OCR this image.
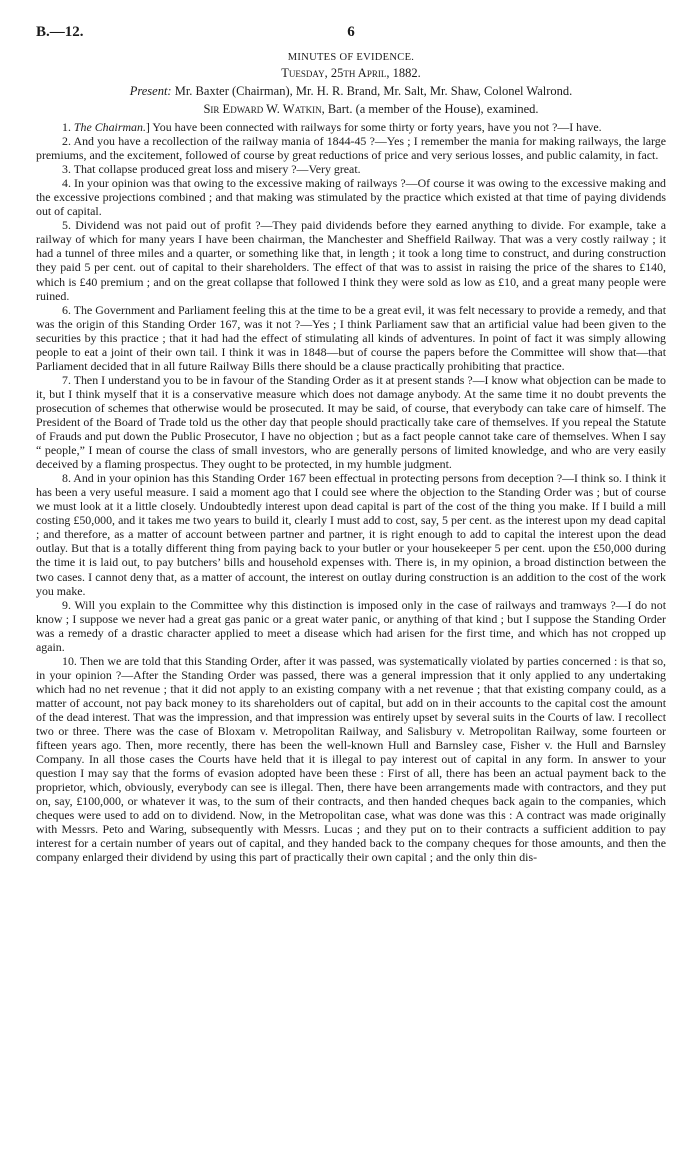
B.—12.	6
MINUTES OF EVIDENCE.
Tuesday, 25th April, 1882.
Present: Mr. Baxter (Chairman), Mr. H. R. Brand, Mr. Salt, Mr. Shaw, Colonel Walrond.
Sir Edward W. Watkin, Bart. (a member of the House), examined.

1. The Chairman.] You have been connected with railways for some thirty or forty years, have you not ?—I have.

2. And you have a recollection of the railway mania of 1844-45 ?—Yes ; I remember the mania for making railways, the large premiums, and the excitement, followed of course by great reductions of price and very serious losses, and public calamity, in fact.

3. That collapse produced great loss and misery ?—Very great.

4. In your opinion was that owing to the excessive making of railways ?—Of course it was owing to the excessive making and the excessive projections combined ; and that making was stimulated by the practice which existed at that time of paying dividends out of capital.

5. Dividend was not paid out of profit ?—They paid dividends before they earned anything to divide. For example, take a railway of which for many years I have been chairman, the Manchester and Sheffield Railway. That was a very costly railway ; it had a tunnel of three miles and a quarter, or something like that, in length ; it took a long time to construct, and during construction they paid 5 per cent. out of capital to their shareholders. The effect of that was to assist in raising the price of the shares to £140, which is £40 premium ; and on the great collapse that followed I think they were sold as low as £10, and a great many people were ruined.

6. The Government and Parliament feeling this at the time to be a great evil, it was felt necessary to provide a remedy, and that was the origin of this Standing Order 167, was it not ?—Yes ; I think Parliament saw that an artificial value had been given to the securities by this practice ; that it had had the effect of stimulating all kinds of adventures. In point of fact it was simply allowing people to eat a joint of their own tail. I think it was in 1848—but of course the papers before the Committee will show that—that Parliament decided that in all future Railway Bills there should be a clause practically prohibiting that practice.

7. Then I understand you to be in favour of the Standing Order as it at present stands ?—I know what objection can be made to it, but I think myself that it is a conservative measure which does not damage anybody. At the same time it no doubt prevents the prosecution of schemes that otherwise would be prosecuted. It may be said, of course, that everybody can take care of himself. The President of the Board of Trade told us the other day that people should practically take care of themselves. If you repeal the Statute of Frauds and put down the Public Prosecutor, I have no objection ; but as a fact people cannot take care of themselves. When I say “ people,” I mean of course the class of small investors, who are generally persons of limited knowledge, and who are very easily deceived by a flaming prospectus. They ought to be protected, in my humble judgment.

8. And in your opinion has this Standing Order 167 been effectual in protecting persons from deception ?—I think so. I think it has been a very useful measure. I said a moment ago that I could see where the objection to the Standing Order was ; but of course we must look at it a little closely. Undoubtedly interest upon dead capital is part of the cost of the thing you make. If I build a mill costing £50,000, and it takes me two years to build it, clearly I must add to cost, say, 5 per cent. as the interest upon my dead capital ; and therefore, as a matter of account between partner and partner, it is right enough to add to capital the interest upon the dead outlay. But that is a totally different thing from paying back to your butler or your housekeeper 5 per cent. upon the £50,000 during the time it is laid out, to pay butchers’ bills and household expenses with. There is, in my opinion, a broad distinction between the two cases. I cannot deny that, as a matter of account, the interest on outlay during construction is an addition to the cost of the work you make.

9. Will you explain to the Committee why this distinction is imposed only in the case of railways and tramways ?—I do not know ; I suppose we never had a great gas panic or a great water panic, or anything of that kind ; but I suppose the Standing Order was a remedy of a drastic character applied to meet a disease which had arisen for the first time, and which has not cropped up again.

10. Then we are told that this Standing Order, after it was passed, was systematically violated by parties concerned : is that so, in your opinion ?—After the Standing Order was passed, there was a general impression that it only applied to any undertaking which had no net revenue ; that it did not apply to an existing company with a net revenue ; that that existing company could, as a matter of account, not pay back money to its shareholders out of capital, but add on in their accounts to the capital cost the amount of the dead interest. That was the impression, and that impression was entirely upset by several suits in the Courts of law. I recollect two or three. There was the case of Bloxam v. Metropolitan Railway, and Salisbury v. Metropolitan Railway, some fourteen or fifteen years ago. Then, more recently, there has been the well-known Hull and Barnsley case, Fisher v. the Hull and Barnsley Company. In all those cases the Courts have held that it is illegal to pay interest out of capital in any form. In answer to your question I may say that the forms of evasion adopted have been these : First of all, there has been an actual payment back to the proprietor, which, obviously, everybody can see is illegal. Then, there have been arrangements made with contractors, and they put on, say, £100,000, or whatever it was, to the sum of their contracts, and then handed cheques back again to the companies, which cheques were used to add on to dividend. Now, in the Metropolitan case, what was done was this : A contract was made originally with Messrs. Peto and Waring, subsequently with Messrs. Lucas ; and they put on to their contracts a sufficient addition to pay interest for a certain number of years out of capital, and they handed back to the company cheques for those amounts, and then the company enlarged their dividend by using this part of practically their own capital ; and the only thin dis-
